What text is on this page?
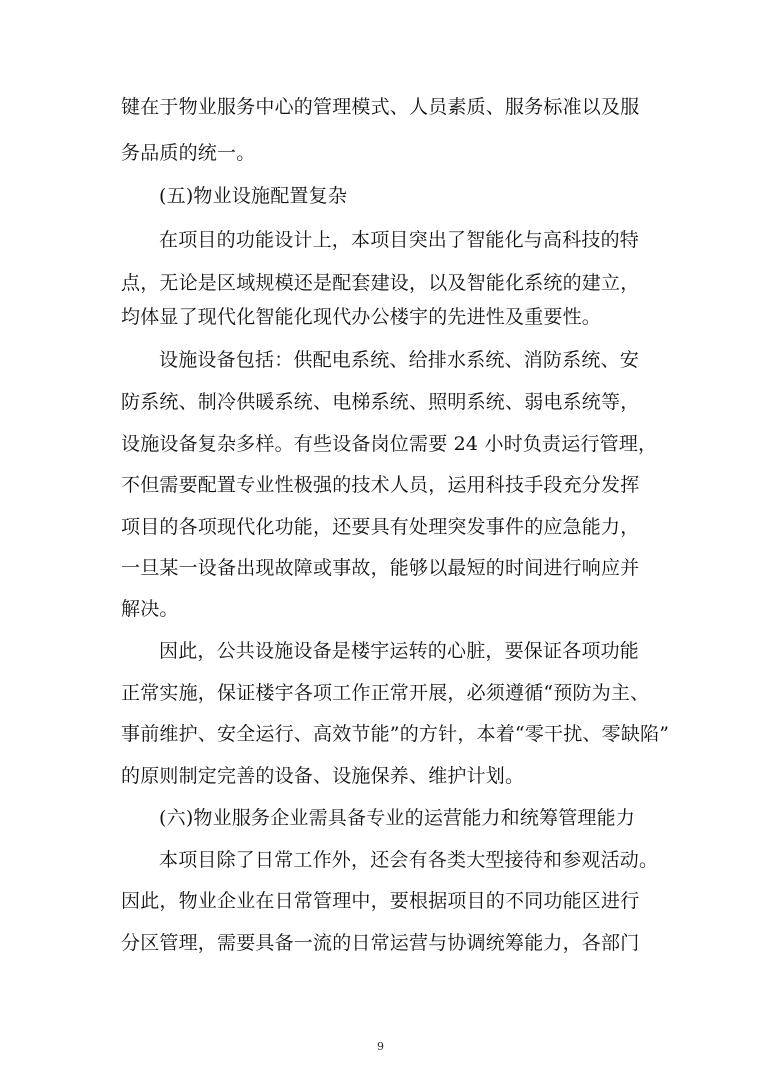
键在于物业服务中心的管理模式、人员素质、服务标准以及服
务品质的统一。
(五)物业设施配置复杂
在项目的功能设计上，本项目突出了智能化与高科技的特
点，无论是区域规模还是配套建设，以及智能化系统的建立，
均体显了现代化智能化现代办公楼宇的先进性及重要性。
设施设备包括：供配电系统、给排水系统、消防系统、安
防系统、制冷供暖系统、电梯系统、照明系统、弱电系统等，
设施设备复杂多样。有些设备岗位需要 24 小时负责运行管理，
不但需要配置专业性极强的技术人员，运用科技手段充分发挥
项目的各项现代化功能，还要具有处理突发事件的应急能力，
一旦某一设备出现故障或事故，能够以最短的时间进行响应并
解决。
因此，公共设施设备是楼宇运转的心脏，要保证各项功能
正常实施，保证楼宇各项工作正常开展，必须遵循“预防为主、
事前维护、安全运行、高效节能”的方针，本着“零干扰、零缺陷”
的原则制定完善的设备、设施保养、维护计划。
(六)物业服务企业需具备专业的运营能力和统筹管理能力
本项目除了日常工作外，还会有各类大型接待和参观活动。
因此，物业企业在日常管理中，要根据项目的不同功能区进行
分区管理，需要具备一流的日常运营与协调统筹能力，各部门
9
